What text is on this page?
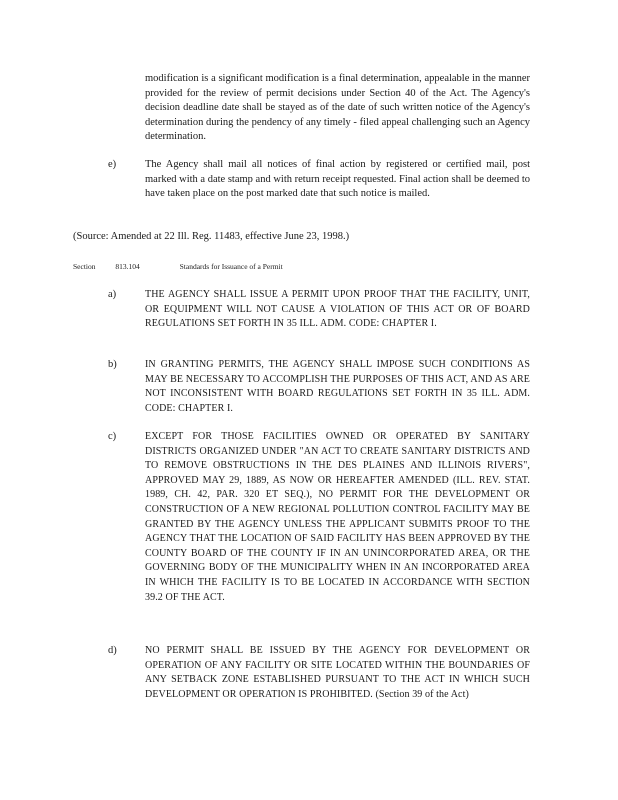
modification is a significant modification is a final determination, appealable in the manner provided for the review of permit decisions under Section 40 of the Act. The Agency's decision deadline date shall be stayed as of the date of such written notice of the Agency's determination during the pendency of any timely - filed appeal challenging such an Agency determination.
e)	The Agency shall mail all notices of final action by registered or certified mail, post marked with a date stamp and with return receipt requested. Final action shall be deemed to have taken place on the post marked date that such notice is mailed.
(Source: Amended at 22 Ill. Reg. 11483, effective June 23, 1998.)
Section	813.104	Standards for Issuance of a Permit
a)	THE AGENCY SHALL ISSUE A PERMIT UPON PROOF THAT THE FACILITY, UNIT, OR EQUIPMENT WILL NOT CAUSE A VIOLATION OF THIS ACT OR OF BOARD REGULATIONS SET FORTH IN 35 ILL. ADM. CODE: CHAPTER I.
b)	IN GRANTING PERMITS, THE AGENCY SHALL IMPOSE SUCH CONDITIONS AS MAY BE NECESSARY TO ACCOMPLISH THE PURPOSES OF THIS ACT, AND AS ARE NOT INCONSISTENT WITH BOARD REGULATIONS SET FORTH IN 35 ILL. ADM. CODE: CHAPTER I.
c)	EXCEPT FOR THOSE FACILITIES OWNED OR OPERATED BY SANITARY DISTRICTS ORGANIZED UNDER "AN ACT TO CREATE SANITARY DISTRICTS AND TO REMOVE OBSTRUCTIONS IN THE DES PLAINES AND ILLINOIS RIVERS", APPROVED MAY 29, 1889, AS NOW OR HEREAFTER AMENDED (ILL. REV. STAT. 1989, CH. 42, PAR. 320 ET SEQ.), NO PERMIT FOR THE DEVELOPMENT OR CONSTRUCTION OF A NEW REGIONAL POLLUTION CONTROL FACILITY MAY BE GRANTED BY THE AGENCY UNLESS THE APPLICANT SUBMITS PROOF TO THE AGENCY THAT THE LOCATION OF SAID FACILITY HAS BEEN APPROVED BY THE COUNTY BOARD OF THE COUNTY IF IN AN UNINCORPORATED AREA, OR THE GOVERNING BODY OF THE MUNICIPALITY WHEN IN AN INCORPORATED AREA IN WHICH THE FACILITY IS TO BE LOCATED IN ACCORDANCE WITH SECTION 39.2 OF THE ACT.
d)	NO PERMIT SHALL BE ISSUED BY THE AGENCY FOR DEVELOPMENT OR OPERATION OF ANY FACILITY OR SITE LOCATED WITHIN THE BOUNDARIES OF ANY SETBACK ZONE ESTABLISHED PURSUANT TO THE ACT IN WHICH SUCH DEVELOPMENT OR OPERATION IS PROHIBITED. (Section 39 of the Act)
